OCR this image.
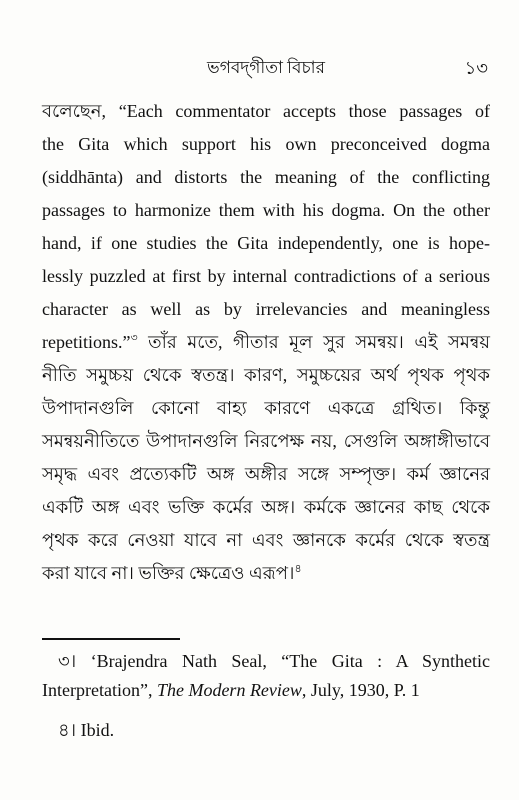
ভগবদ্‌গীতা বিচার	১৩
বলেছেন, “Each commentator accepts those passages of
the Gita which support his own preconceived dogma
(siddhānta) and distorts the meaning of the conflicting
passages to harmonize them with his dogma. On the other
hand, if one studies the Gita independently, one is hope-
lessly puzzled at first by internal contradictions of a serious
character as well as by irrelevancies and meaningless
repetitions.”$^৩$ তাঁর মতে, গীতার মূল সুর সমন্বয়। এই সমন্বয়
নীতি সমুচ্চয় থেকে স্বতন্ত্র। কারণ, সমুচ্চয়ের অর্থ পৃথক পৃথক
উপাদানগুলি কোনো বাহ্য কারণে একত্রে গ্রথিত। কিন্তু
সমন্বয়নীতিতে উপাদানগুলি নিরপেক্ষ নয়, সেগুলি অঙ্গাঙ্গীভাবে
সমৃদ্ধ এবং প্রত্যেকটি অঙ্গ অঙ্গীর সঙ্গে সম্পৃক্ত। কর্ম জ্ঞানের
একটি অঙ্গ এবং ভক্তি কর্মের অঙ্গ। কর্মকে জ্ঞানের কাছ থেকে
পৃথক করে নেওয়া যাবে না এবং জ্ঞানকে কর্মের থেকে স্বতন্ত্র
করা যাবে না। ভক্তির ক্ষেত্রেও এরূপ।$^৪$
৩। ‘Brajendra Nath Seal, “The Gita : A Synthetic
Interpretation”, The Modern Review, July, 1930, P. 1
৪। Ibid.
